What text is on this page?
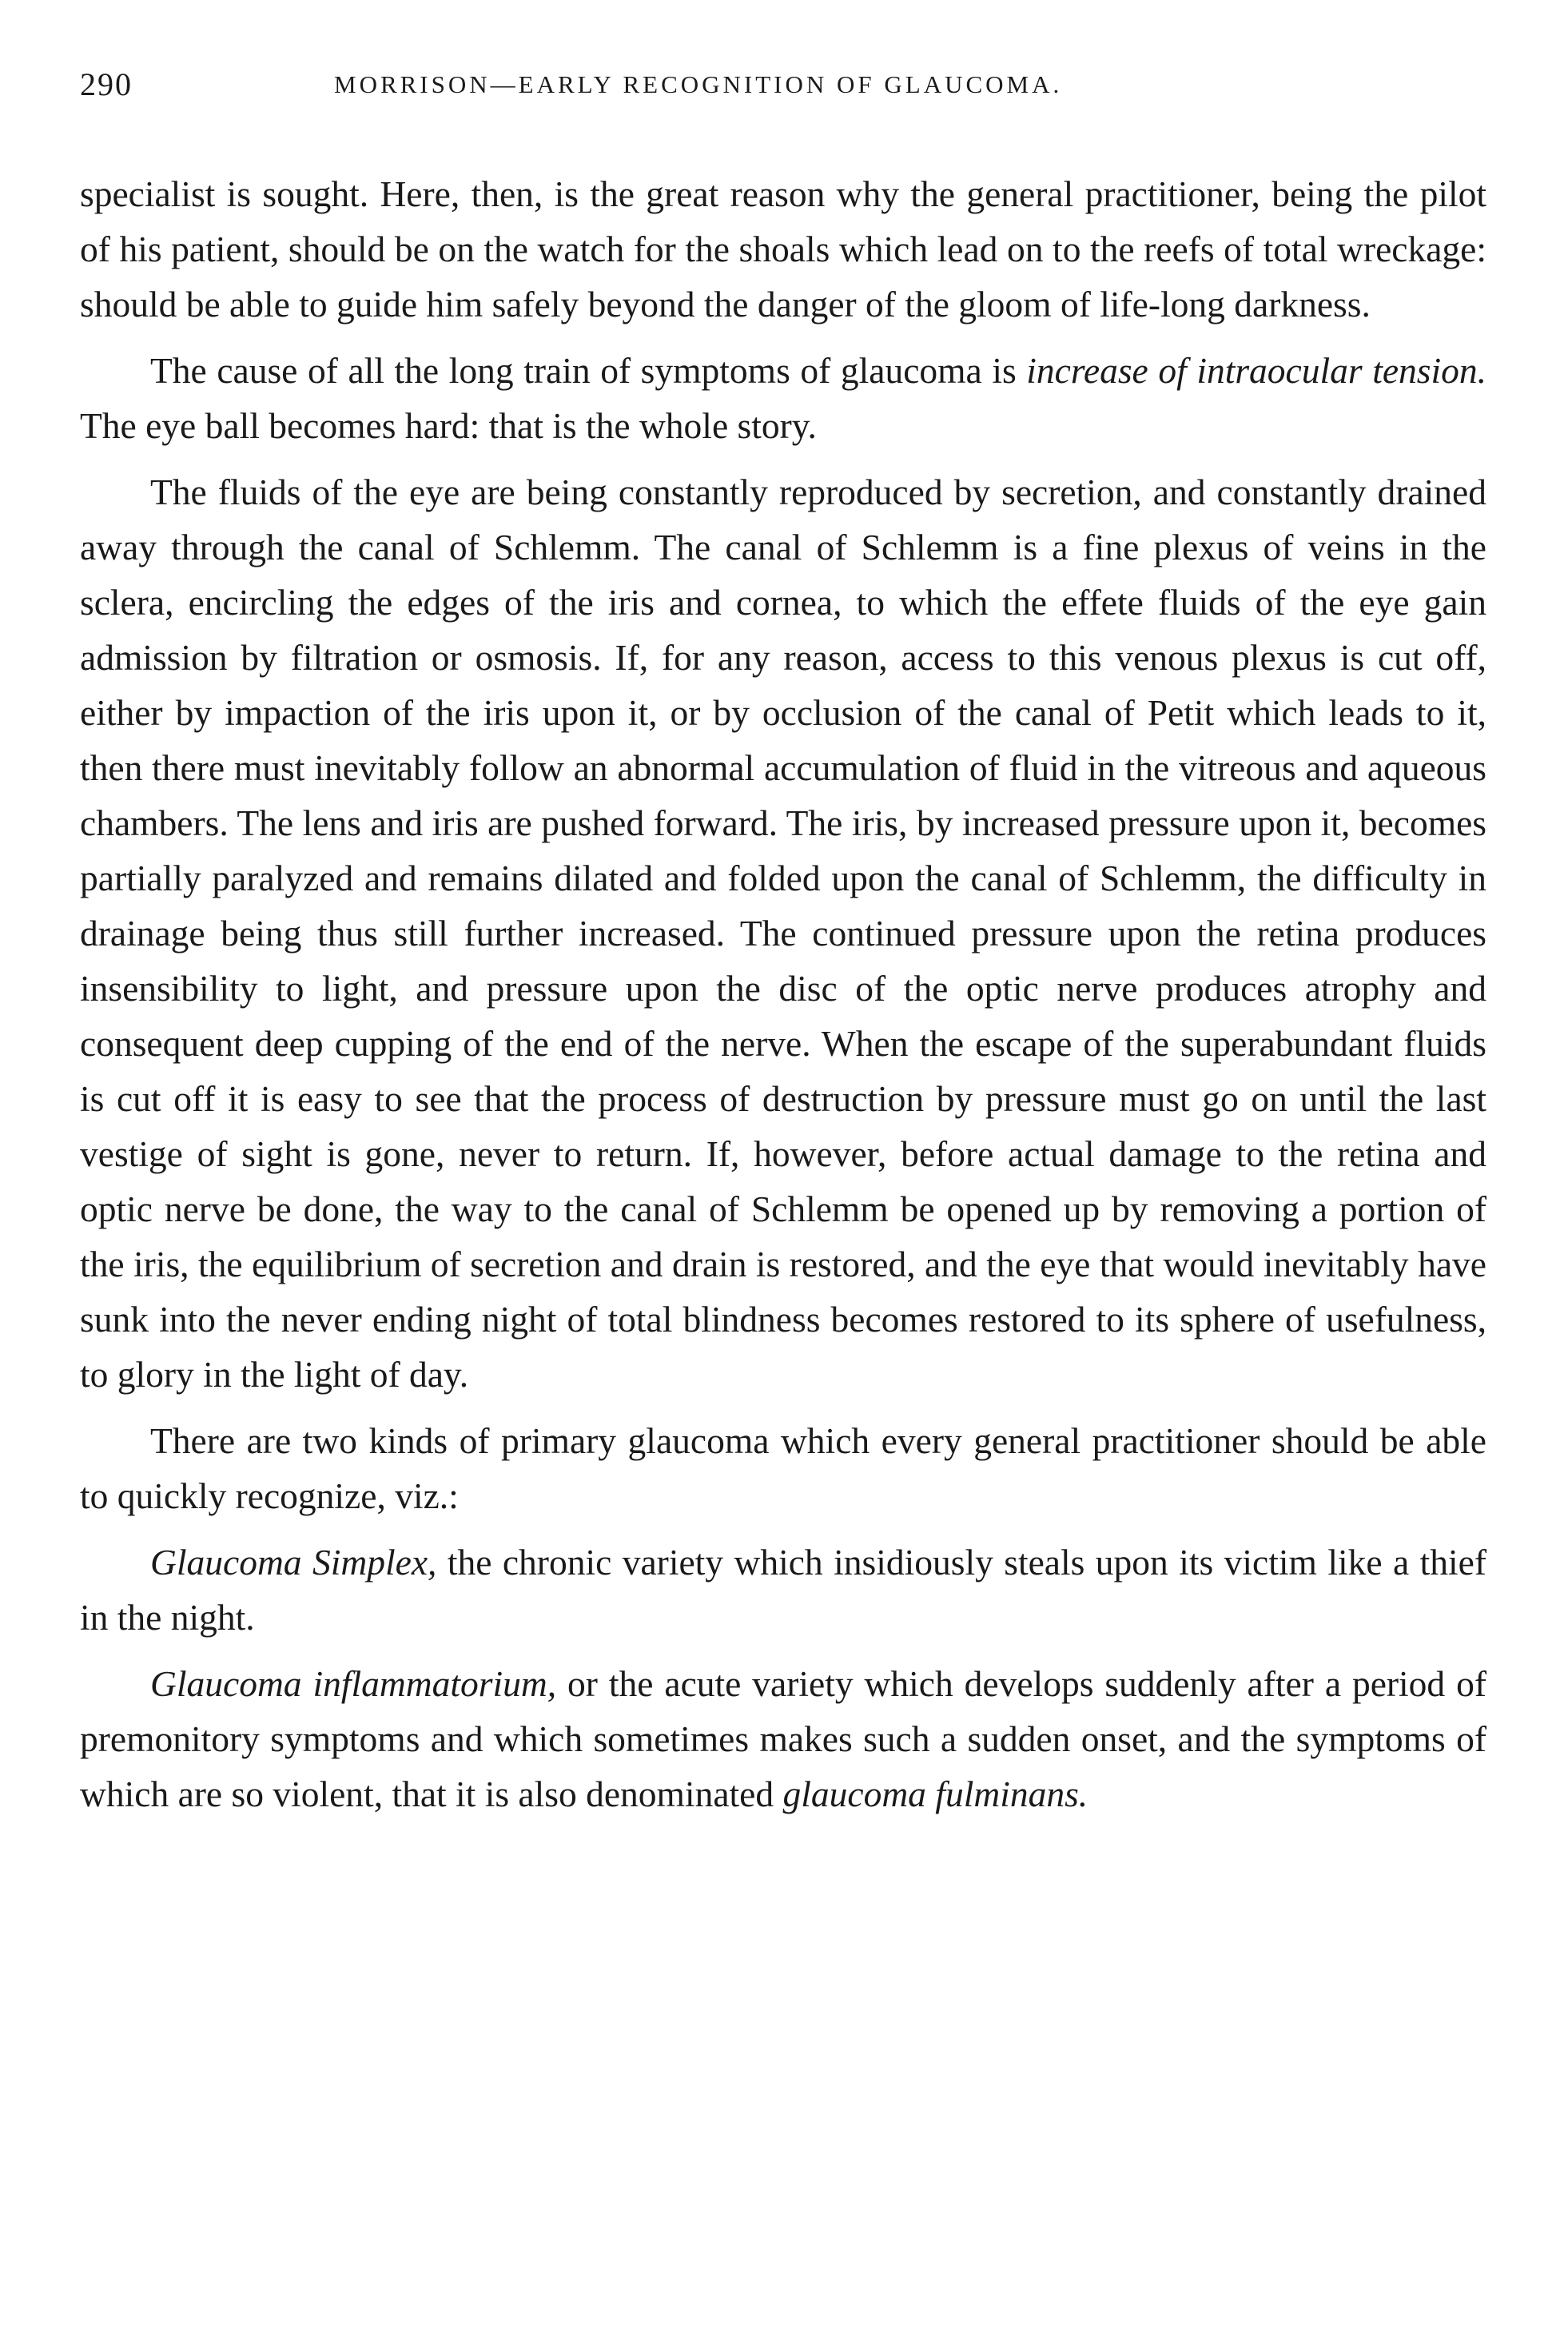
290	MORRISON—EARLY RECOGNITION OF GLAUCOMA.

specialist is sought. Here, then, is the great reason why the general practitioner, being the pilot of his patient, should be on the watch for the shoals which lead on to the reefs of total wreckage: should be able to guide him safely beyond the danger of the gloom of life-long darkness.

The cause of all the long train of symptoms of glaucoma is increase of intraocular tension. The eye ball becomes hard: that is the whole story.

The fluids of the eye are being constantly reproduced by secretion, and constantly drained away through the canal of Schlemm. The canal of Schlemm is a fine plexus of veins in the sclera, encircling the edges of the iris and cornea, to which the effete fluids of the eye gain admission by filtration or osmosis. If, for any reason, access to this venous plexus is cut off, either by impaction of the iris upon it, or by occlusion of the canal of Petit which leads to it, then there must inevitably follow an abnormal accumulation of fluid in the vitreous and aqueous chambers. The lens and iris are pushed forward. The iris, by increased pressure upon it, becomes partially paralyzed and remains dilated and folded upon the canal of Schlemm, the difficulty in drainage being thus still further increased. The continued pressure upon the retina produces insensibility to light, and pressure upon the disc of the optic nerve produces atrophy and consequent deep cupping of the end of the nerve. When the escape of the superabundant fluids is cut off it is easy to see that the process of destruction by pressure must go on until the last vestige of sight is gone, never to return. If, however, before actual damage to the retina and optic nerve be done, the way to the canal of Schlemm be opened up by removing a portion of the iris, the equilibrium of secretion and drain is restored, and the eye that would inevitably have sunk into the never ending night of total blindness becomes restored to its sphere of usefulness, to glory in the light of day.

There are two kinds of primary glaucoma which every general practitioner should be able to quickly recognize, viz.:

Glaucoma Simplex, the chronic variety which insidiously steals upon its victim like a thief in the night.

Glaucoma inflammatorium, or the acute variety which develops suddenly after a period of premonitory symptoms and which sometimes makes such a sudden onset, and the symptoms of which are so violent, that it is also denominated glaucoma fulminans.
